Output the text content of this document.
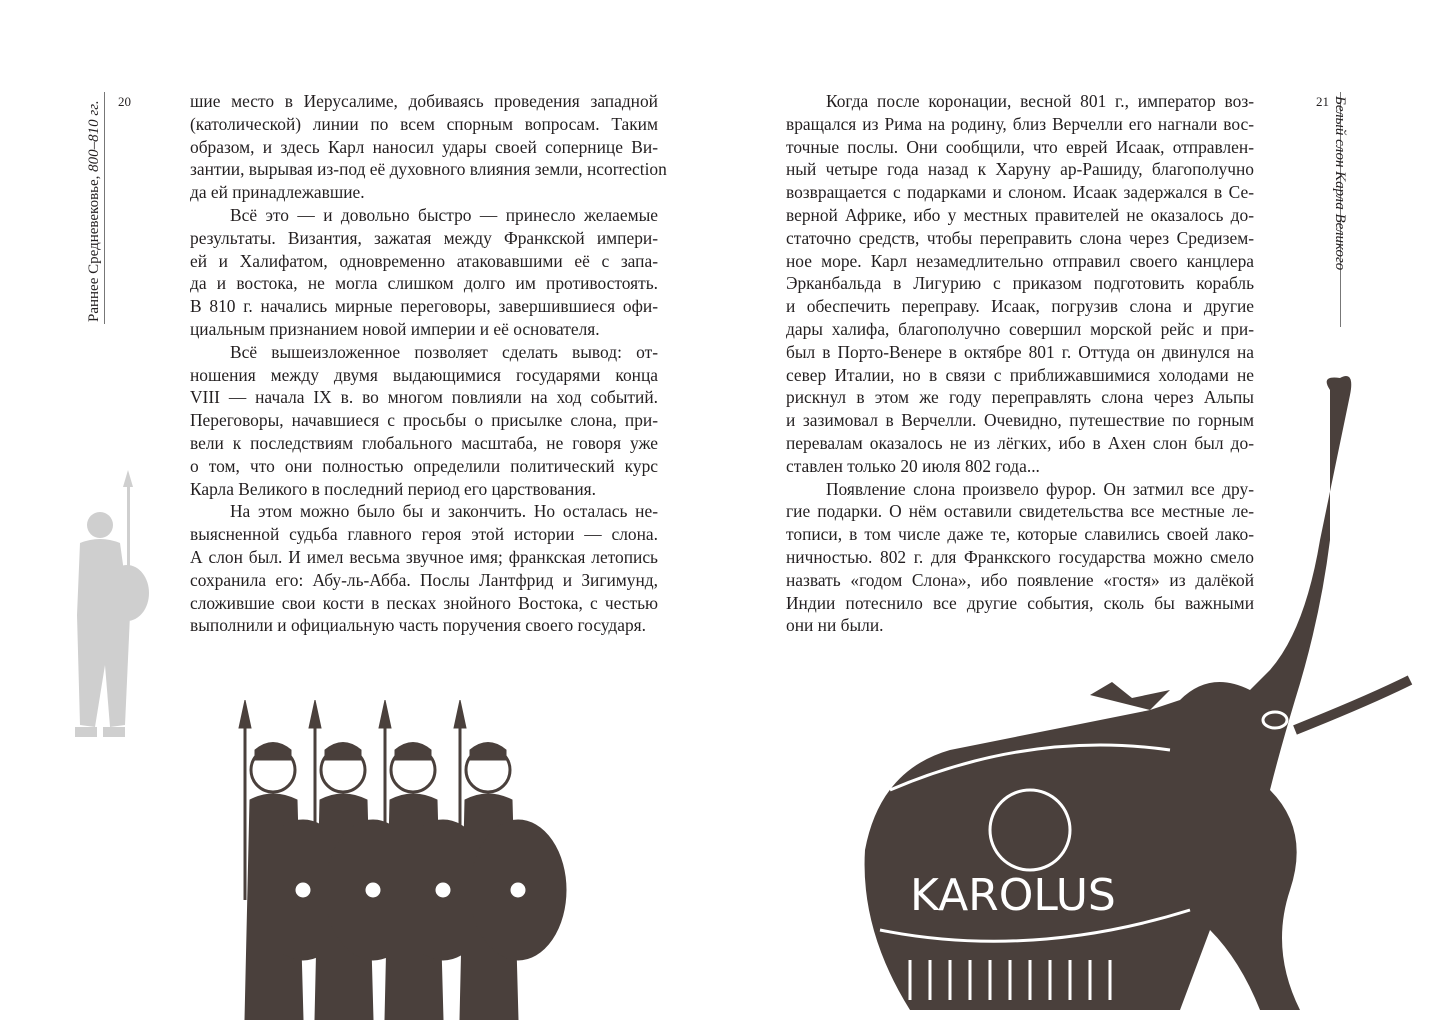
Раннее Средневековье, 800–810 гг. 20	шие место в Иерусалиме, добиваясь проведения западной
(католической) линии по всем спорным вопросам. Таким
образом, и здесь Карл наносил удары своей сопернице Ви-
зантии, вырывая из-под её духовного влияния земли, нcorrection
да ей принадлежавшие.
Всё это — и довольно быстро — принесло желаемые
результаты. Византия, зажатая между Франкской импери-
ей и Халифатом, одновременно атаковавшими её с запа-
да и востока, не могла слишком долго им противостоять.
В 810 г. начались мирные переговоры, завершившиеся офи-
циальным признанием новой империи и её основателя.
Всё вышеизложенное позволяет сделать вывод: от-
ношения между двумя выдающимися государями конца
VIII — начала IX в. во многом повлияли на ход событий.
Переговоры, начавшиеся с просьбы о присылке слона, при-
вели к последствиям глобального масштаба, не говоря уже
о том, что они полностью определили политический курс
Карла Великого в последний период его царствования.
На этом можно было бы и закончить. Но осталась не-
выясненной судьба главного героя этой истории — слона.
А слон был. И имел весьма звучное имя; франкская летопись
сохранила его: Абу-ль-Абба. Послы Лантфрид и Зигимунд,
сложившие свои кости в песках знойного Востока, с честью
выполнили и официальную часть поручения своего государя.
21 Белый слон Карла Великого
Когда после коронации, весной 801 г., император воз-
вращался из Рима на родину, близ Верчелли его нагнали вос-
точные послы. Они сообщили, что еврей Исаак, отправлен-
ный четыре года назад к Харуну ар-Рашиду, благополучно
возвращается с подарками и слоном. Исаак задержался в Се-
верной Африке, ибо у местных правителей не оказалось до-
статочно средств, чтобы переправить слона через Средизем-
ное море. Карл незамедлительно отправил своего канцлера
Эрканбальда в Лигурию с приказом подготовить корабль
и обеспечить переправу. Исаак, погрузив слона и другие
дары халифа, благополучно совершил морской рейс и при-
был в Порто-Венере в октябре 801 г. Оттуда он двинулся на
север Италии, но в связи с приближавшимися холодами не
рискнул в этом же году переправлять слона через Альпы
и зазимовал в Верчелли. Очевидно, путешествие по горным
перевалам оказалось не из лёгких, ибо в Ахен слон был до-
ставлен только 20 июля 802 года...
Появление слона произвело фурор. Он затмил все дру-
гие подарки. О нём оставили свидетельства все местные ле-
тописи, в том числе даже те, которые славились своей лако-
ничностью. 802 г. для Франкского государства можно смело
назвать «годом Слона», ибо появление «гостя» из далёкой
Индии потеснило все другие события, сколь бы важными
они ни были.
KAROLUS
